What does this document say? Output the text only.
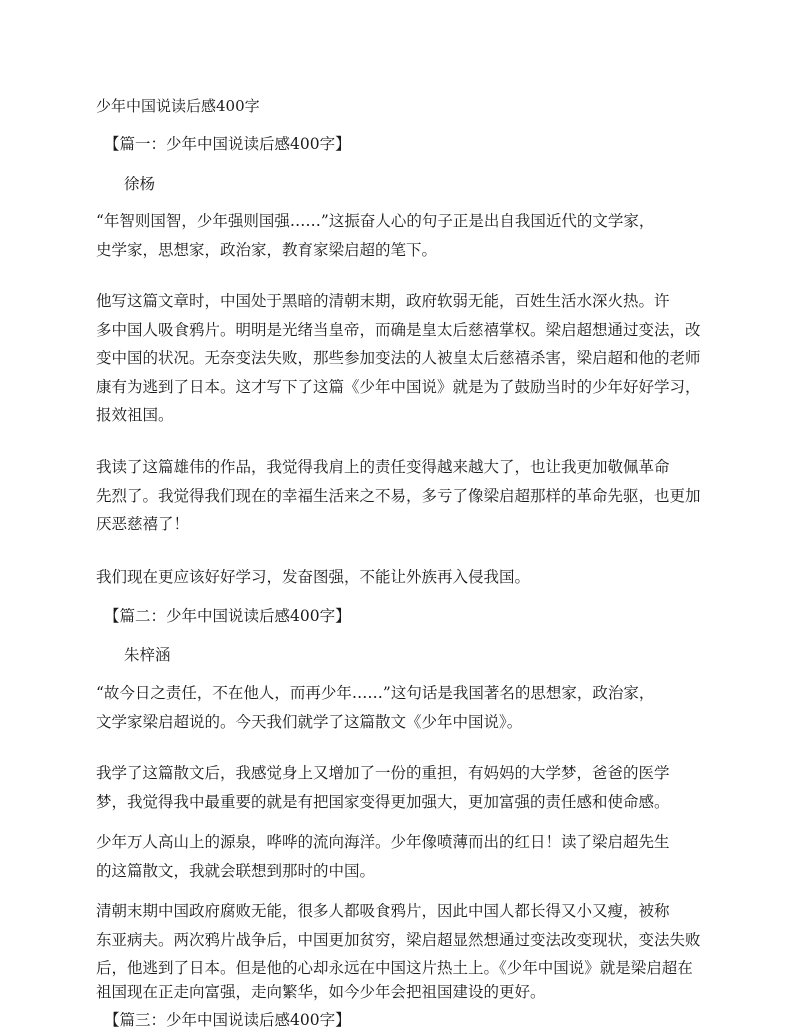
少年中国说读后感400字
【篇一：少年中国说读后感400字】
徐杨
“年智则国智，少年强则国强……”这振奋人心的句子正是出自我国近代的文学家，
史学家，思想家，政治家，教育家梁启超的笔下。
他写这篇文章时，中国处于黑暗的清朝末期，政府软弱无能，百姓生活水深火热。许
多中国人吸食鸦片。明明是光绪当皇帝，而确是皇太后慈禧掌权。梁启超想通过变法，改
变中国的状况。无奈变法失败，那些参加变法的人被皇太后慈禧杀害，梁启超和他的老师
康有为逃到了日本。这才写下了这篇《少年中国说》就是为了鼓励当时的少年好好学习，
报效祖国。
我读了这篇雄伟的作品，我觉得我肩上的责任变得越来越大了，也让我更加敬佩革命
先烈了。我觉得我们现在的幸福生活来之不易，多亏了像梁启超那样的革命先驱，也更加
厌恶慈禧了！
我们现在更应该好好学习，发奋图强，不能让外族再入侵我国。
【篇二：少年中国说读后感400字】
朱梓涵
“故今日之责任，不在他人，而再少年……”这句话是我国著名的思想家，政治家，
文学家梁启超说的。今天我们就学了这篇散文《少年中国说》。
我学了这篇散文后，我感觉身上又增加了一份的重担，有妈妈的大学梦，爸爸的医学
梦，我觉得我中最重要的就是有把国家变得更加强大，更加富强的责任感和使命感。
少年万人高山上的源泉，哗哗的流向海洋。少年像喷薄而出的红日！读了梁启超先生
的这篇散文，我就会联想到那时的中国。
清朝末期中国政府腐败无能，很多人都吸食鸦片，因此中国人都长得又小又瘦，被称
东亚病夫。两次鸦片战争后，中国更加贫穷，梁启超显然想通过变法改变现状，变法失败
后，他逃到了日本。但是他的心却永远在中国这片热土上。《少年中国说》就是梁启超在
祖国现在正走向富强，走向繁华，如今少年会把祖国建设的更好。
【篇三：少年中国说读后感400字】
